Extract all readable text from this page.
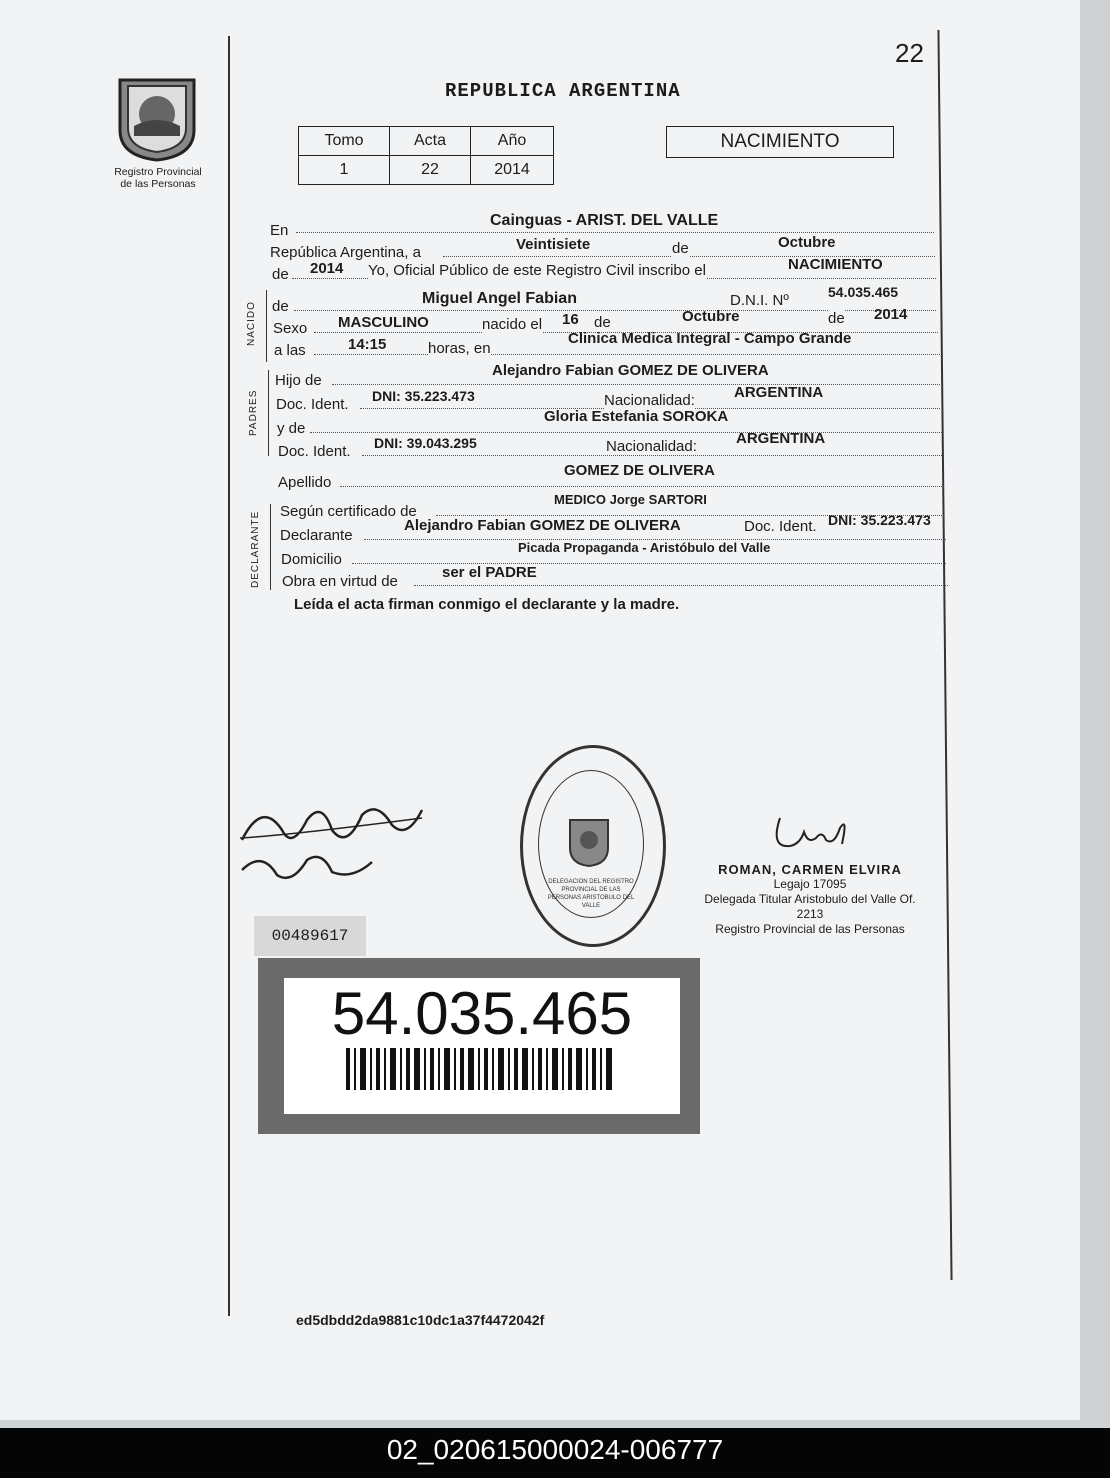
Registro Provincial
de las Personas
22
REPUBLICA ARGENTINA
Tomo	Acta	Año
1	22	2014
NACIMIENTO
En
Cainguas - ARIST. DEL VALLE
República Argentina, a	Veintisiete	de	Octubre
de 2014 Yo, Oficial Público de este Registro Civil inscribo el	NACIMIENTO
NACIDO de	Miguel Angel Fabian	D.N.I. Nº	54.035.465
Sexo MASCULINO	nacido el 16 de	Octubre	de 2014
a las	14:15	horas, en
Clinica Medica Integral - Campo Grande
PADRES
Hijo de
Alejandro Fabian GOMEZ DE OLIVERA
Doc. Ident. DNI: 35.223.473	Nacionalidad:	ARGENTINA
y de
Gloria Estefania SOROKA
Doc. Ident. DNI: 39.043.295	Nacionalidad:	ARGENTINA
Apellido
GOMEZ DE OLIVERA
DECLARANTE Según certificado de
MEDICO Jorge SARTORI
Declarante
Alejandro Fabian GOMEZ DE OLIVERA	Doc. Ident. DNI: 35.223.473
Domicilio
Picada Propaganda - Aristóbulo del Valle
Obra en virtud de
ser el PADRE
Leída el acta firman conmigo el declarante y la madre.
DELEGACION DEL REGISTRO PROVINCIAL DE LAS PERSONAS ARISTOBULO DEL VALLE
ROMAN, CARMEN ELVIRA
Legajo 17095
Delegada Titular Aristobulo del Valle Of. 2213
Registro Provincial de las Personas
00489617
54.035.465
ed5dbdd2da9881c10dc1a37f4472042f
02_020615000024-006777
